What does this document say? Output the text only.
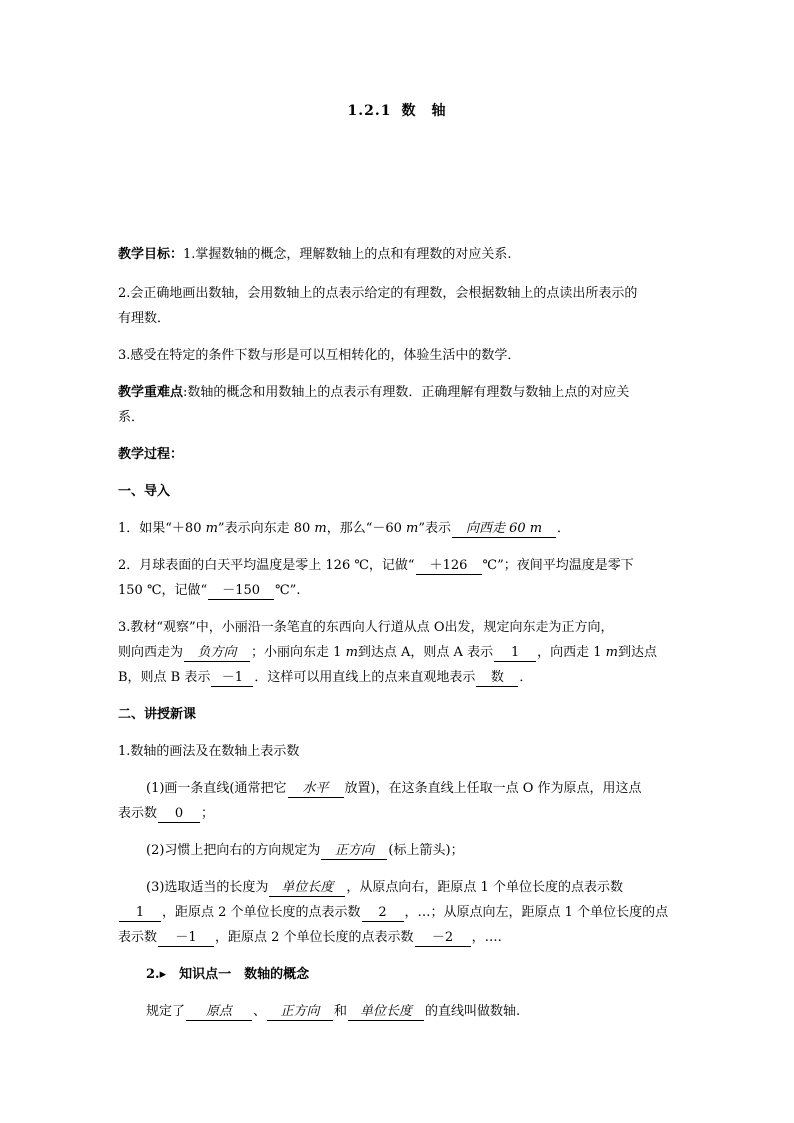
1.2.1 数　轴
教学目标：1.掌握数轴的概念，理解数轴上的点和有理数的对应关系.
2.会正确地画出数轴，会用数轴上的点表示给定的有理数，会根据数轴上的点读出所表示的
有理数．
3.感受在特定的条件下数与形是可以互相转化的，体验生活中的数学．
教学重难点:数轴的概念和用数轴上的点表示有理数．正确理解有理数与数轴上点的对应关
系．
教学过程：
一、导入
1．如果“＋80 m”表示向东走 80 m，那么“－60 m”表示 向西走 60 m ．
2．月球表面的白天平均温度是零上 126 ℃，记做“ ＋126 ℃”；夜间平均温度是零下
150 ℃，记做“ －150 ℃”.
3.教材“观察”中，小丽沿一条笔直的东西向人行道从点 O出发，规定向东走为正方向，
则向西走为 负方向 ；小丽向东走 1 m到达点 A，则点 A 表示 1 ，向西走 1 m到达点
B，则点 B 表示 －1 ．这样可以用直线上的点来直观地表示 数 ．
二、讲授新课
1.数轴的画法及在数轴上表示数
(1)画一条直线(通常把它 水平 放置)，在这条直线上任取一点 O 作为原点，用这点
表示数 0 ；
(2)习惯上把向右的方向规定为 正方向 (标上箭头)；
(3)选取适当的长度为 单位长度 ，从原点向右，距原点 1 个单位长度的点表示数
1 ，距原点 2 个单位长度的点表示数 2 ，…；从原点向左，距原点 1 个单位长度的点
表示数 －1 ，距原点 2 个单位长度的点表示数 －2 ，….
2.▸　 知识点一　数轴的概念
规定了 原点 、 正方向 和 单位长度 的直线叫做数轴.
